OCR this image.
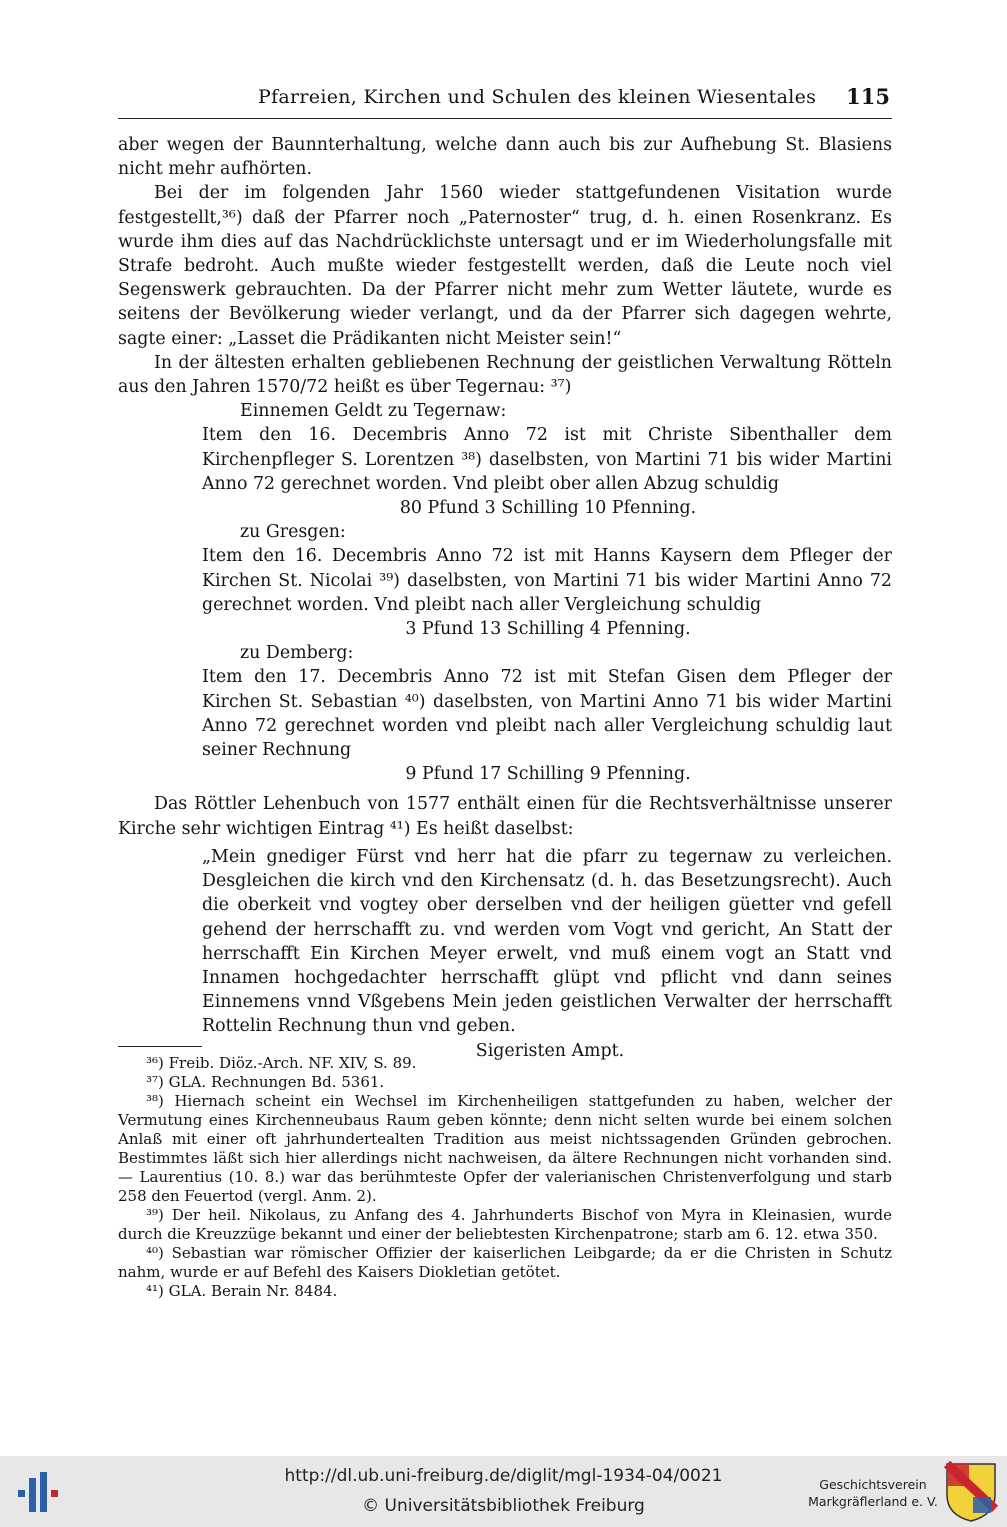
Pfarreien, Kirchen und Schulen des kleinen Wiesentales 115

aber wegen der Baunnterhaltung, welche dann auch bis zur Aufhebung St. Blasiens nicht mehr aufhörten.

Bei der im folgenden Jahr 1560 wieder stattgefundenen Visitation wurde festgestellt,³⁶) daß der Pfarrer noch „Paternoster“ trug, d. h. einen Rosenkranz. Es wurde ihm dies auf das Nachdrücklichste untersagt und er im Wiederholungsfalle mit Strafe bedroht. Auch mußte wieder festgestellt werden, daß die Leute noch viel Segenswerk gebrauchten. Da der Pfarrer nicht mehr zum Wetter läutete, wurde es seitens der Bevölkerung wieder verlangt, und da der Pfarrer sich dagegen wehrte, sagte einer: „Lasset die Prädikanten nicht Meister sein!“

In der ältesten erhalten gebliebenen Rechnung der geistlichen Verwaltung Rötteln aus den Jahren 1570/72 heißt es über Tegernau: ³⁷)

Einnemen Geldt zu Tegernaw:

Item den 16. Decembris Anno 72 ist mit Christe Sibenthaller dem Kirchenpfleger S. Lorentzen ³⁸) daselbsten, von Martini 71 bis wider Martini Anno 72 gerechnet worden. Vnd pleibt ober allen Abzug schuldig

80 Pfund 3 Schilling 10 Pfenning.

zu Gresgen:

Item den 16. Decembris Anno 72 ist mit Hanns Kaysern dem Pfleger der Kirchen St. Nicolai ³⁹) daselbsten, von Martini 71 bis wider Martini Anno 72 gerechnet worden. Vnd pleibt nach aller Vergleichung schuldig

3 Pfund 13 Schilling 4 Pfenning.

zu Demberg:

Item den 17. Decembris Anno 72 ist mit Stefan Gisen dem Pfleger der Kirchen St. Sebastian ⁴⁰) daselbsten, von Martini Anno 71 bis wider Martini Anno 72 gerechnet worden vnd pleibt nach aller Vergleichung schuldig laut seiner Rechnung

9 Pfund 17 Schilling 9 Pfenning.

Das Röttler Lehenbuch von 1577 enthält einen für die Rechtsverhältnisse unserer Kirche sehr wichtigen Eintrag ⁴¹) Es heißt daselbst:

„Mein gnediger Fürst vnd herr hat die pfarr zu tegernaw zu verleichen. Desgleichen die kirch vnd den Kirchensatz (d. h. das Besetzungsrecht). Auch die oberkeit vnd vogtey ober derselben vnd der heiligen güetter vnd gefell gehend der herrschafft zu. vnd werden vom Vogt vnd gericht, An Statt der herrschafft Ein Kirchen Meyer erwelt, vnd muß einem vogt an Statt vnd Innamen hochgedachter herrschafft glüpt vnd pflicht vnd dann seines Einnemens vnnd Vßgebens Mein jeden geistlichen Verwalter der herrschafft Rottelin Rechnung thun vnd geben.

Sigeristen Ampt.

³⁶) Freib. Diöz.-Arch. NF. XIV, S. 89.

³⁷) GLA. Rechnungen Bd. 5361.

³⁸) Hiernach scheint ein Wechsel im Kirchenheiligen stattgefunden zu haben, welcher der Vermutung eines Kirchenneubaus Raum geben könnte; denn nicht selten wurde bei einem solchen Anlaß mit einer oft jahrhundertealten Tradition aus meist nichtssagenden Gründen gebrochen. Bestimmtes läßt sich hier allerdings nicht nachweisen, da ältere Rechnungen nicht vorhanden sind. — Laurentius (10. 8.) war das berühmteste Opfer der valerianischen Christenverfolgung und starb 258 den Feuertod (vergl. Anm. 2).

³⁹) Der heil. Nikolaus, zu Anfang des 4. Jahrhunderts Bischof von Myra in Kleinasien, wurde durch die Kreuzzüge bekannt und einer der beliebtesten Kirchenpatrone; starb am 6. 12. etwa 350.

⁴⁰) Sebastian war römischer Offizier der kaiserlichen Leibgarde; da er die Christen in Schutz nahm, wurde er auf Befehl des Kaisers Diokletian getötet.

⁴¹) GLA. Berain Nr. 8484.

http://dl.ub.uni-freiburg.de/diglit/mgl-1934-04/0021
© Universitätsbibliothek Freiburg
Geschichtsverein
Markgräflerland e. V.
